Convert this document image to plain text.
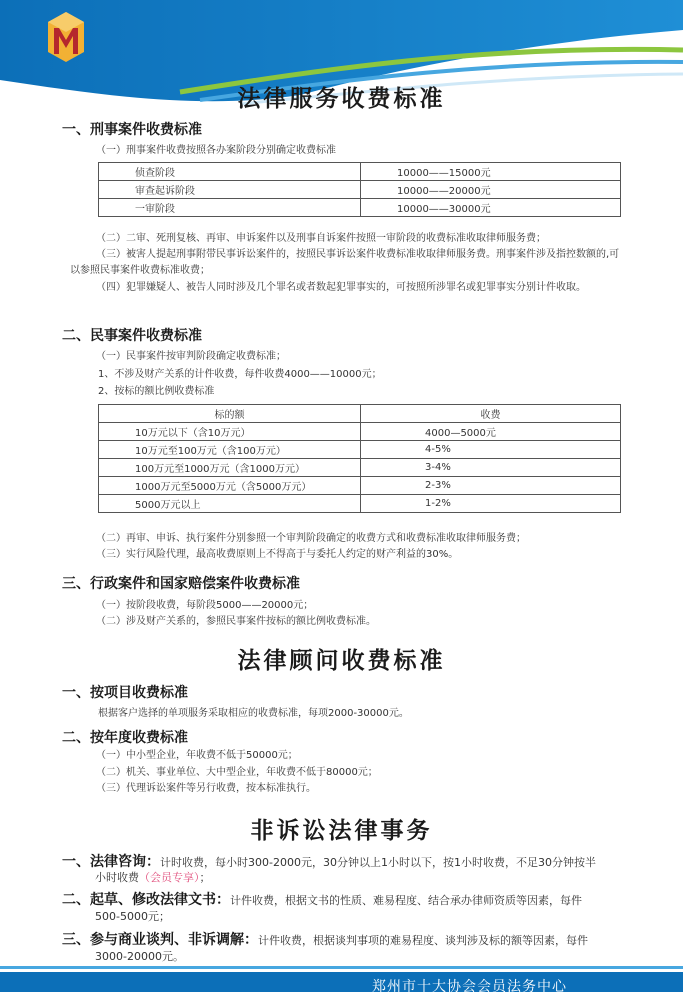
法律服务收费标准
一、刑事案件收费标准
（一）刑事案件收费按照各办案阶段分别确定收费标准
侦查阶段	10000——15000元
审查起诉阶段	10000——20000元
一审阶段	10000——30000元
（二）二审、死刑复核、再审、申诉案件以及刑事自诉案件按照一审阶段的收费标准收取律师服务费；
（三）被害人提起刑事附带民事诉讼案件的，按照民事诉讼案件收费标准收取律师服务费。刑事案件涉及指控数额的,可以参照民事案件收费标准收费；
（四）犯罪嫌疑人、被告人同时涉及几个罪名或者数起犯罪事实的，可按照所涉罪名或犯罪事实分别计件收取。
二、民事案件收费标准
（一）民事案件按审判阶段确定收费标准；
1、不涉及财产关系的计件收费，每件收费4000——10000元；
2、按标的额比例收费标准
标的额	收费
10万元以下（含10万元）	4000—5000元
10万元至100万元（含100万元）	4-5%
100万元至1000万元（含1000万元）	3-4%
1000万元至5000万元（含5000万元）	2-3%
5000万元以上	1-2%
（二）再审、申诉、执行案件分别参照一个审判阶段确定的收费方式和收费标准收取律师服务费；
（三）实行风险代理，最高收费原则上不得高于与委托人约定的财产利益的30%。
三、行政案件和国家赔偿案件收费标准
（一）按阶段收费，每阶段5000——20000元；
（二）涉及财产关系的，参照民事案件按标的额比例收费标准。
法律顾问收费标准
一、按项目收费标准
根据客户选择的单项服务采取相应的收费标准，每项2000-30000元。
二、按年度收费标准
（一）中小型企业，年收费不低于50000元；
（二）机关、事业单位、大中型企业，年收费不低于80000元；
（三）代理诉讼案件等另行收费，按本标准执行。
非诉讼法律事务
一、法律咨询：计时收费，每小时300-2000元，30分钟以上1小时以下，按1小时收费，不足30分钟按半
小时收费（会员专享）；
二、起草、修改法律文书：计件收费，根据文书的性质、难易程度、结合承办律师资质等因素，每件
500-5000元；
三、参与商业谈判、非诉调解：计件收费，根据谈判事项的难易程度、谈判涉及标的额等因素，每件
3000-20000元。
郑州市十大协会会员法务中心
